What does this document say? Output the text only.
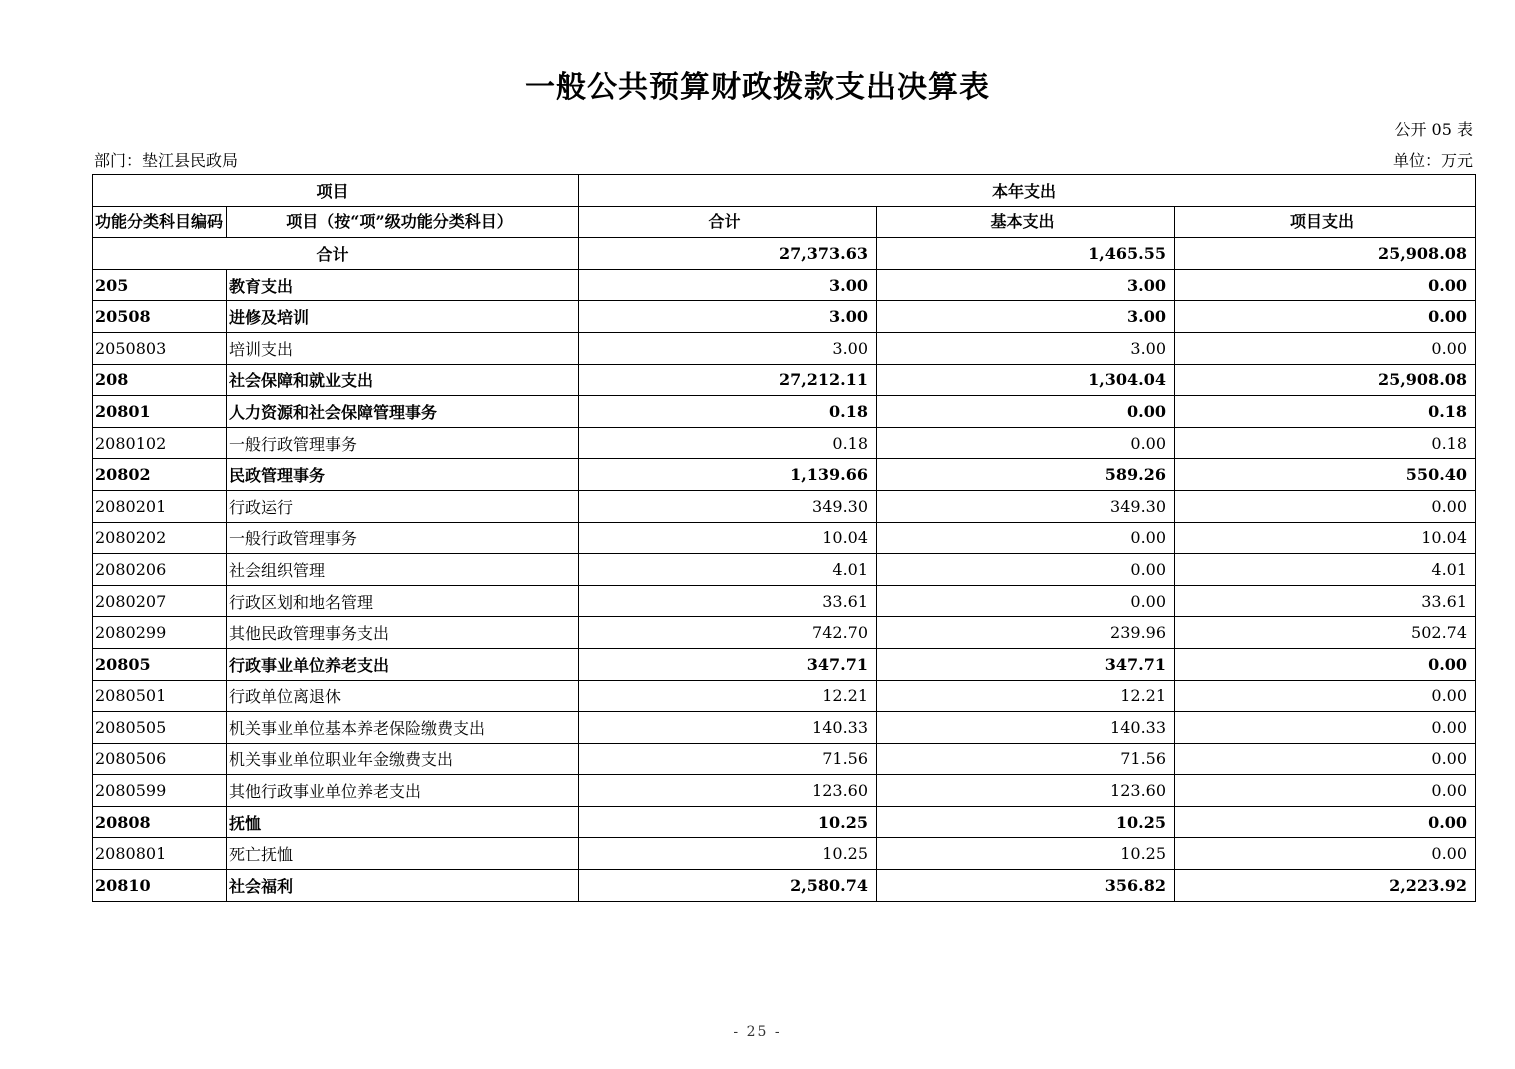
一般公共预算财政拨款支出决算表
公开 05 表
部门：垫江县民政局	单位：万元
项目		本年支出		
功能分类科目编码	项目（按“项”级功能分类科目）	合计	基本支出	项目支出
合计		27,373.63	1,465.55	25,908.08
205	教育支出	3.00	3.00	0.00
20508	进修及培训	3.00	3.00	0.00
2050803	培训支出	3.00	3.00	0.00
208	社会保障和就业支出	27,212.11	1,304.04	25,908.08
20801	人力资源和社会保障管理事务	0.18	0.00	0.18
2080102	一般行政管理事务	0.18	0.00	0.18
20802	民政管理事务	1,139.66	589.26	550.40
2080201	行政运行	349.30	349.30	0.00
2080202	一般行政管理事务	10.04	0.00	10.04
2080206	社会组织管理	4.01	0.00	4.01
2080207	行政区划和地名管理	33.61	0.00	33.61
2080299	其他民政管理事务支出	742.70	239.96	502.74
20805	行政事业单位养老支出	347.71	347.71	0.00
2080501	行政单位离退休	12.21	12.21	0.00
2080505	机关事业单位基本养老保险缴费支出	140.33	140.33	0.00
2080506	机关事业单位职业年金缴费支出	71.56	71.56	0.00
2080599	其他行政事业单位养老支出	123.60	123.60	0.00
20808	抚恤	10.25	10.25	0.00
2080801	死亡抚恤	10.25	10.25	0.00
20810	社会福利	2,580.74	356.82	2,223.92
- 25 -
